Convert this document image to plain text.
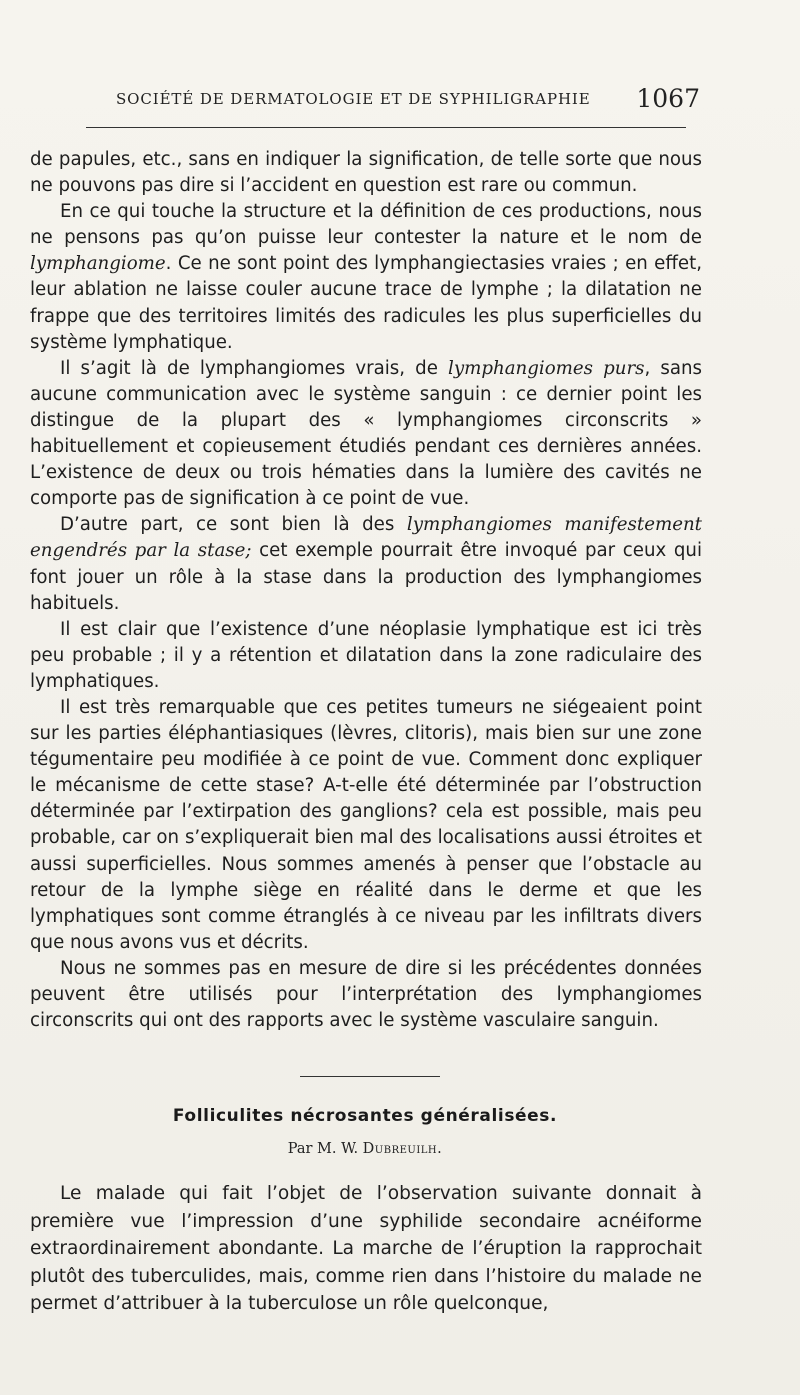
SOCIÉTÉ DE DERMATOLOGIE ET DE SYPHILIGRAPHIE 1067

de papules, etc., sans en indiquer la signification, de telle sorte que nous ne pouvons pas dire si l’accident en question est rare ou commun.

En ce qui touche la structure et la définition de ces productions, nous ne pensons pas qu’on puisse leur contester la nature et le nom de lymphangiome. Ce ne sont point des lymphangiectasies vraies ; en effet, leur ablation ne laisse couler aucune trace de lymphe ; la dilatation ne frappe que des territoires limités des radicules les plus superficielles du système lymphatique.

Il s’agit là de lymphangiomes vrais, de lymphangiomes purs, sans aucune communication avec le système sanguin : ce dernier point les distingue de la plupart des « lymphangiomes circonscrits » habituellement et copieusement étudiés pendant ces dernières années. L’existence de deux ou trois hématies dans la lumière des cavités ne comporte pas de signification à ce point de vue.

D’autre part, ce sont bien là des lymphangiomes manifestement engendrés par la stase; cet exemple pourrait être invoqué par ceux qui font jouer un rôle à la stase dans la production des lymphangiomes habituels.

Il est clair que l’existence d’une néoplasie lymphatique est ici très peu probable ; il y a rétention et dilatation dans la zone radiculaire des lymphatiques.

Il est très remarquable que ces petites tumeurs ne siégeaient point sur les parties éléphantiasiques (lèvres, clitoris), mais bien sur une zone tégumentaire peu modifiée à ce point de vue. Comment donc expliquer le mécanisme de cette stase? A-t-elle été déterminée par l’obstruction déterminée par l’extirpation des ganglions? cela est possible, mais peu probable, car on s’expliquerait bien mal des localisations aussi étroites et aussi superficielles. Nous sommes amenés à penser que l’obstacle au retour de la lymphe siège en réalité dans le derme et que les lymphatiques sont comme étranglés à ce niveau par les infiltrats divers que nous avons vus et décrits.

Nous ne sommes pas en mesure de dire si les précédentes données peuvent être utilisés pour l’interprétation des lymphangiomes circonscrits qui ont des rapports avec le système vasculaire sanguin.

Folliculites nécrosantes généralisées.
Par M. W. Dubreuilh.

Le malade qui fait l’objet de l’observation suivante donnait à première vue l’impression d’une syphilide secondaire acnéiforme extraordinairement abondante. La marche de l’éruption la rapprochait plutôt des tuberculides, mais, comme rien dans l’histoire du malade ne permet d’attribuer à la tuberculose un rôle quelconque,
